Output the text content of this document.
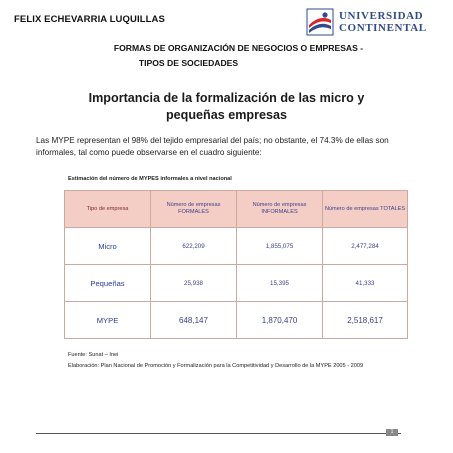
FELIX ECHEVARRIA LUQUILLAS	UNIVERSIDAD
CONTINENTAL
FORMAS DE ORGANIZACIÓN DE NEGOCIOS O EMPRESAS -
TIPOS DE SOCIEDADES
Importancia de la formalización de las micro y
pequeñas empresas
Las MYPE representan el 98% del tejido empresarial del país; no obstante, el 74.3% de ellas son informales, tal como puede observarse en el cuadro siguiente:
Estimación del número de MYPES informales a nivel nacional
Tipo de empresa	Número de empresas FORMALES	Número de empresas INFORMALES	Número de empresas TOTALES
Micro	622,209	1,855,075	2,477,284
Pequeñas	25,938	15,395	41,333
MYPE	648,147	1,870,470	2,518,617
Fuente: Sunat – Inei
Elaboración: Plan Nacional de Promoción y Formalización para la Competitividad y Desarrollo de la MYPE 2005 - 2009
1
